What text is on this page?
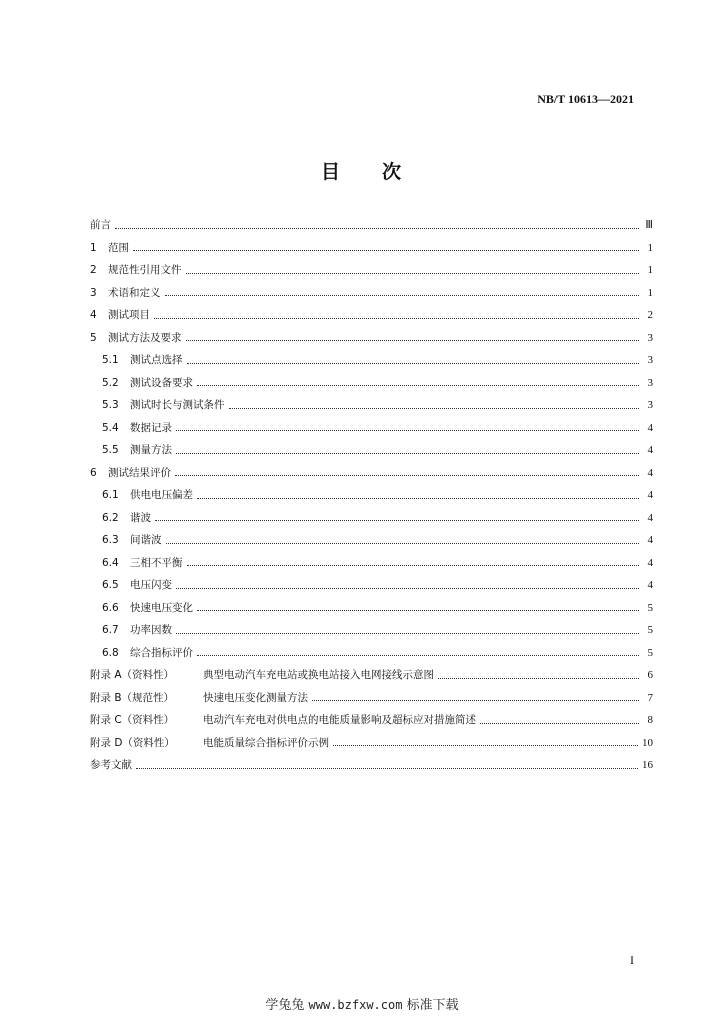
NB/T 10613—2021
目 次
前言	Ⅲ
1	范围	1
2	规范性引用文件	1
3	术语和定义	1
4	测试项目	2
5	测试方法及要求	3
5.1	测试点选择	3
5.2	测试设备要求	3
5.3	测试时长与测试条件	3
5.4	数据记录	4
5.5	测量方法	4
6	测试结果评价	4
6.1	供电电压偏差	4
6.2	谐波	4
6.3	间谐波	4
6.4	三相不平衡	4
6.5	电压闪变	4
6.6	快速电压变化	5
6.7	功率因数	5
6.8	综合指标评价	5
附录 A（资料性）	典型电动汽车充电站或换电站接入电网接线示意图	6
附录 B（规范性）	快速电压变化测量方法	7
附录 C（资料性）	电动汽车充电对供电点的电能质量影响及超标应对措施简述	8
附录 D（资料性）	电能质量综合指标评价示例	10
参考文献	16
I
学兔兔 www.bzfxw.com 标准下载
